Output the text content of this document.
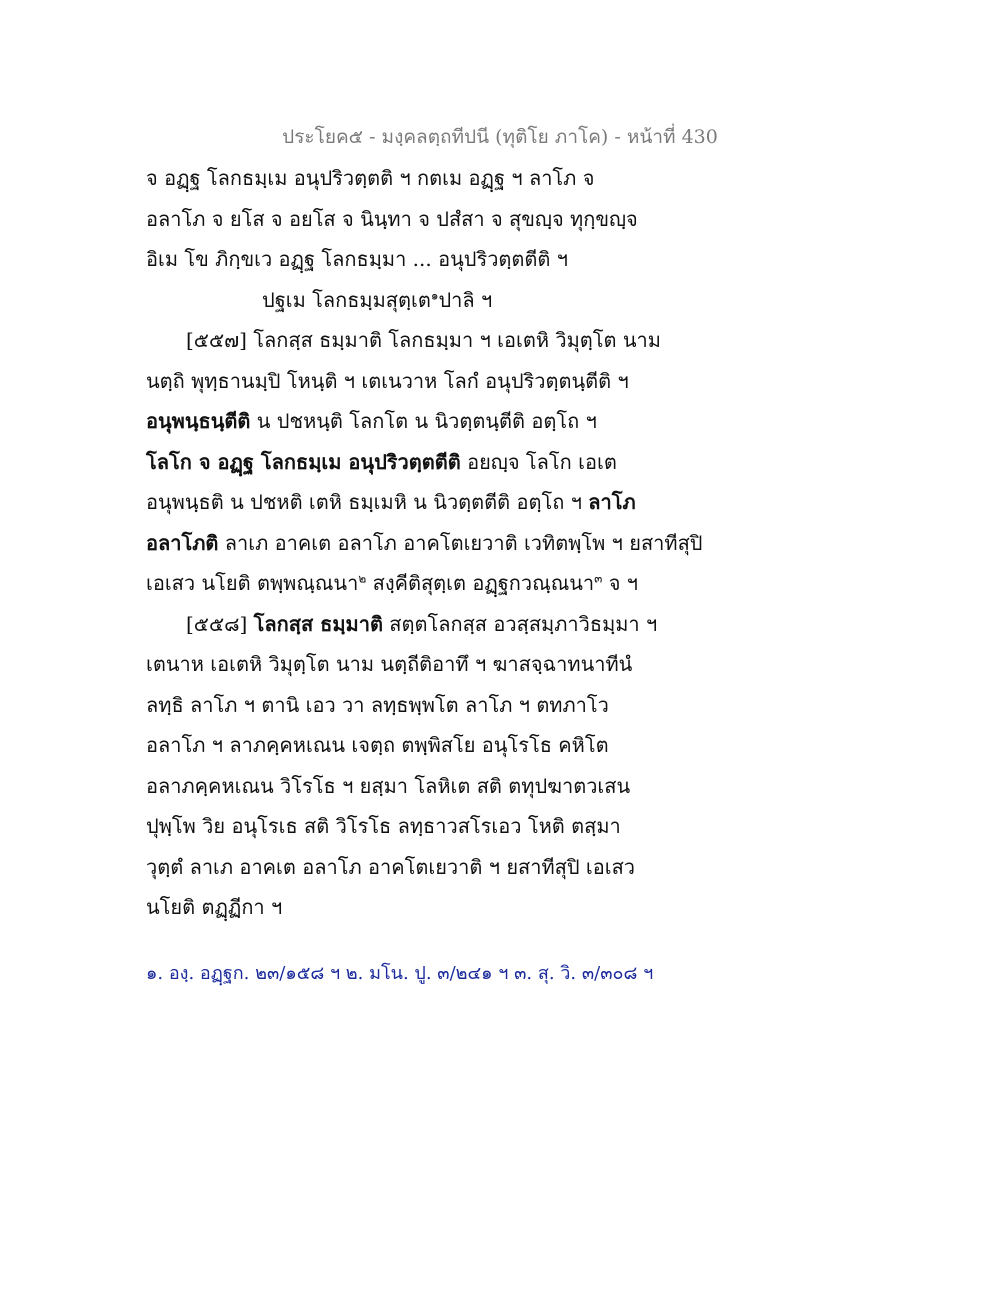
ประโยค๕ - มงฺคลตฺถทีปนี (ทุติโย ภาโค) - หน้าที่ 430
จ อฏฺฐ โลกธมฺเม อนุปริวตฺตติ ฯ กตเม อฏฺฐ ฯ ลาโภ จ
อลาโภ จ ยโส จ อยโส จ นินฺทา จ ปสํสา จ สุขญฺจ ทุกฺขญฺจ
อิเม โข ภิกฺขเว อฏฺฐ โลกธมฺมา ... อนุปริวตฺตตีติ ฯ
ปฐเม โลกธมฺมสุตฺเต$^๑$ปาลิ ฯ
[๕๕๗] โลกสฺส ธมฺมาติ โลกธมฺมา ฯ เอเตหิ วิมุตฺโต นาม
นตฺถิ พุทฺธานมฺปิ โหนฺติ ฯ เตเนวาห โลกํ อนุปริวตฺตนฺตีติ ฯ
อนุพนฺธนฺตีติ น ปชหนฺติ โลกโต น นิวตฺตนฺตีติ อตฺโถ ฯ
โลโก จ อฏฺฐ โลกธมฺเม อนุปริวตฺตตีติ อยญฺจ โลโก เอเต
อนุพนฺธติ น ปชหติ เตหิ ธมฺเมหิ น นิวตฺตตีติ อตฺโถ ฯ ลาโภ
อลาโภติ ลาเภ อาคเต อลาโภ อาคโตเยวาติ เวทิตพฺโพ ฯ ยสาทีสุปิ
เอเสว นโยติ ตพฺพณฺณนา$^๒$ สงฺคีติสุตฺเต อฏฺฐกวณฺณนา$^๓$ จ ฯ
[๕๕๘] โลกสฺส ธมฺมาติ สตฺตโลกสฺส อวสฺสมฺภาวิธมฺมา ฯ
เตนาห เอเตหิ วิมุตฺโต นาม นตฺถีติอาทึ ฯ ฆาสจฺฉาทนาทีนํ
ลทฺธิ ลาโภ ฯ ตานิ เอว วา ลทฺธพฺพโต ลาโภ ฯ ตทภาโว
อลาโภ ฯ ลาภคฺคหเณน เจตฺถ ตพฺพิสโย อนุโรโธ คหิโต
อลาภคฺคหเณน วิโรโธ ฯ ยสฺมา โลหิเต สติ ตทุปฆาตวเสน
ปุพฺโพ วิย อนุโรเธ สติ วิโรโธ ลทฺธาวสโรเอว โหติ ตสฺมา
วุตฺตํ ลาเภ อาคเต อลาโภ อาคโตเยวาติ ฯ ยสาทีสุปิ เอเสว
นโยติ ตฏฺฏีกา ฯ
๑. องฺ. อฏฺฐก. ๒๓/๑๕๘ ฯ ๒. มโน. ปู. ๓/๒๔๑ ฯ ๓. สุ. วิ. ๓/๓๐๘ ฯ
